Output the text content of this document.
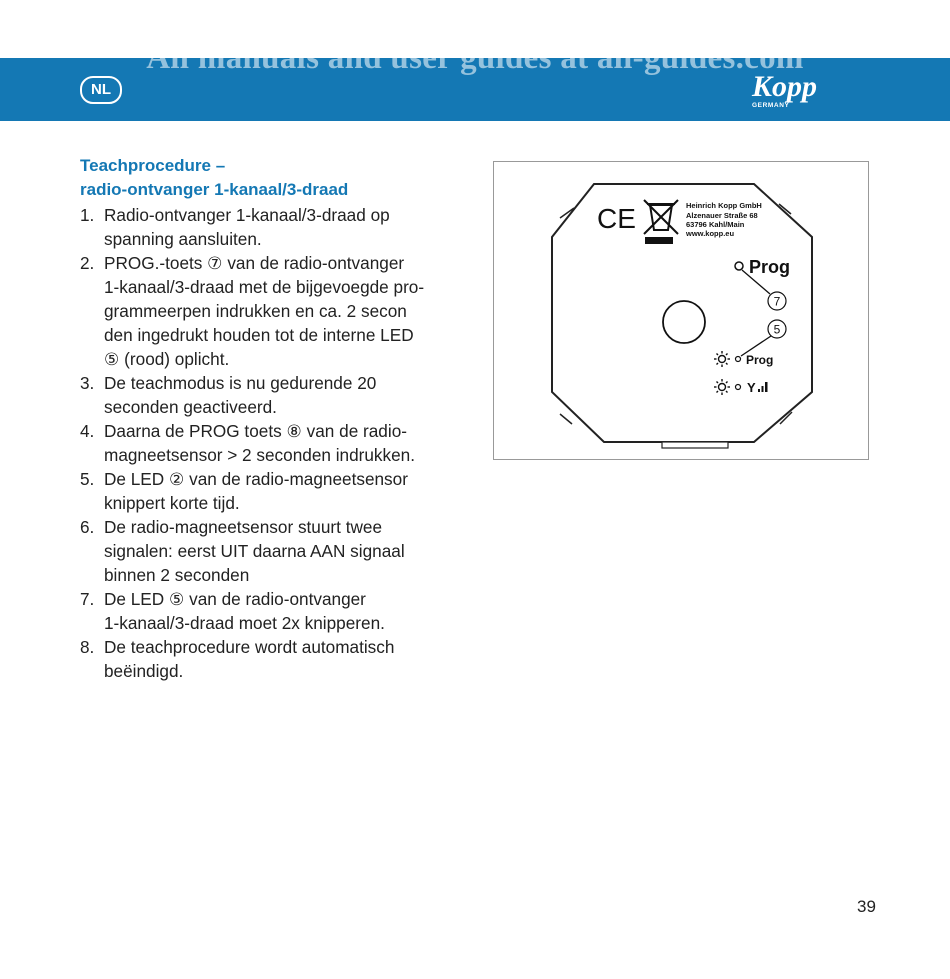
All manuals and user guides at all-guides.com
NL	Kopp
GERMANY
Teachprocedure –
radio-ontvanger 1-kanaal/3-draad
1. Radio-ontvanger 1-kanaal/3-draad op
spanning aansluiten.
2. PROG.-toets ⑦ van de radio-ontvanger
1-kanaal/3-draad met de bijgevoegde pro-
grammeerpen indrukken en ca. 2 secon
den ingedrukt houden tot de interne LED
⑤ (rood) oplicht.
3. De teachmodus is nu gedurende 20
seconden geactiveerd.
4. Daarna de PROG toets ⑧ van de radio-
magneetsensor > 2 seconden indrukken.
5. De LED ② van de radio-magneetsensor
knippert korte tijd.
6. De radio-magneetsensor stuurt twee
signalen: eerst UIT daarna AAN signaal
binnen 2 seconden
7. De LED ⑤ van de radio-ontvanger
1-kanaal/3-draad moet 2x knipperen.
8. De teachprocedure wordt automatisch
beëindigd.
CE	Heinrich Kopp GmbH Alzenauer Straße 68 63796 Kahl/Main www.kopp.eu
Prog
7
5
Prog
Y
39
